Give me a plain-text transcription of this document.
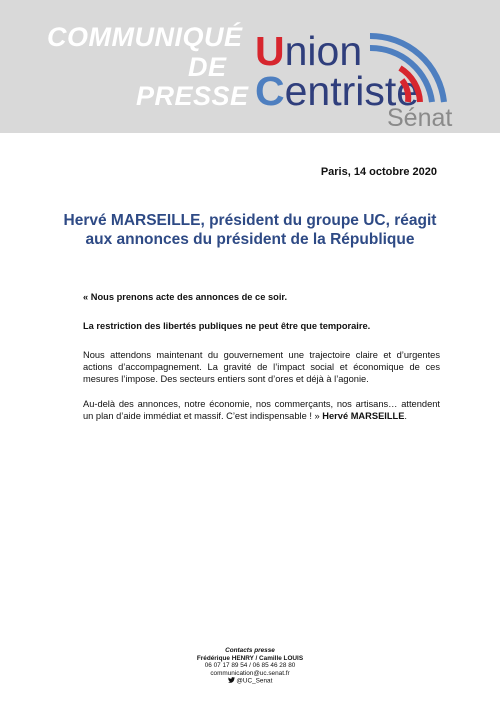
COMMUNIQUÉ
DE
PRESSE
Union
Centriste
Sénat
Paris, 14 octobre 2020
Hervé MARSEILLE, président du groupe UC, réagit
aux annonces du président de la République
« Nous prenons acte des annonces de ce soir.
La restriction des libertés publiques ne peut être que temporaire.
Nous attendons maintenant du gouvernement une trajectoire claire et d’urgentes actions d’accompagnement. La gravité de l’impact social et économique de ces mesures l’impose. Des secteurs entiers sont d’ores et déjà à l’agonie.
Au-delà des annonces, notre économie, nos commerçants, nos artisans… attendent un plan d’aide immédiat et massif. C’est indispensable ! » Hervé MARSEILLE.
Contacts presse
Frédérique HENRY / Camille LOUIS
06 07 17 89 54 / 06 85 46 28 80
communication@uc.senat.fr
@UC_Senat
